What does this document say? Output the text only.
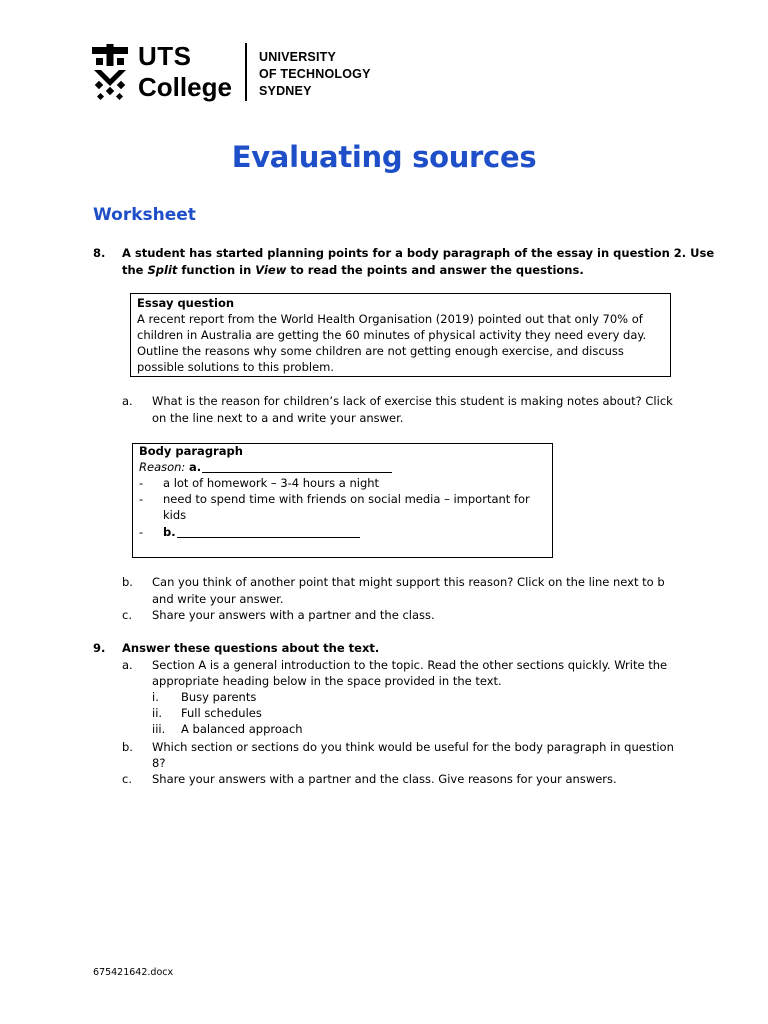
UTS
College
UNIVERSITY
OF TECHNOLOGY
SYDNEY
Evaluating sources
Worksheet
8. A student has started planning points for a body paragraph of the essay in question 2. Use
the Split function in View to read the points and answer the questions.
Essay question
A recent report from the World Health Organisation (2019) pointed out that only 70% of
children in Australia are getting the 60 minutes of physical activity they need every day.
Outline the reasons why some children are not getting enough exercise, and discuss
possible solutions to this problem.
a. What is the reason for children’s lack of exercise this student is making notes about? Click
on the line next to a and write your answer.
Body paragraph
Reason: a.
- a lot of homework – 3-4 hours a night
- need to spend time with friends on social media – important for
kids
- b.
b. Can you think of another point that might support this reason? Click on the line next to b
and write your answer.
c. Share your answers with a partner and the class.
9. Answer these questions about the text.
a. Section A is a general introduction to the topic. Read the other sections quickly. Write the
appropriate heading below in the space provided in the text.
i. Busy parents
ii. Full schedules
iii. A balanced approach
b. Which section or sections do you think would be useful for the body paragraph in question
8?
c. Share your answers with a partner and the class. Give reasons for your answers.
675421642.docx
